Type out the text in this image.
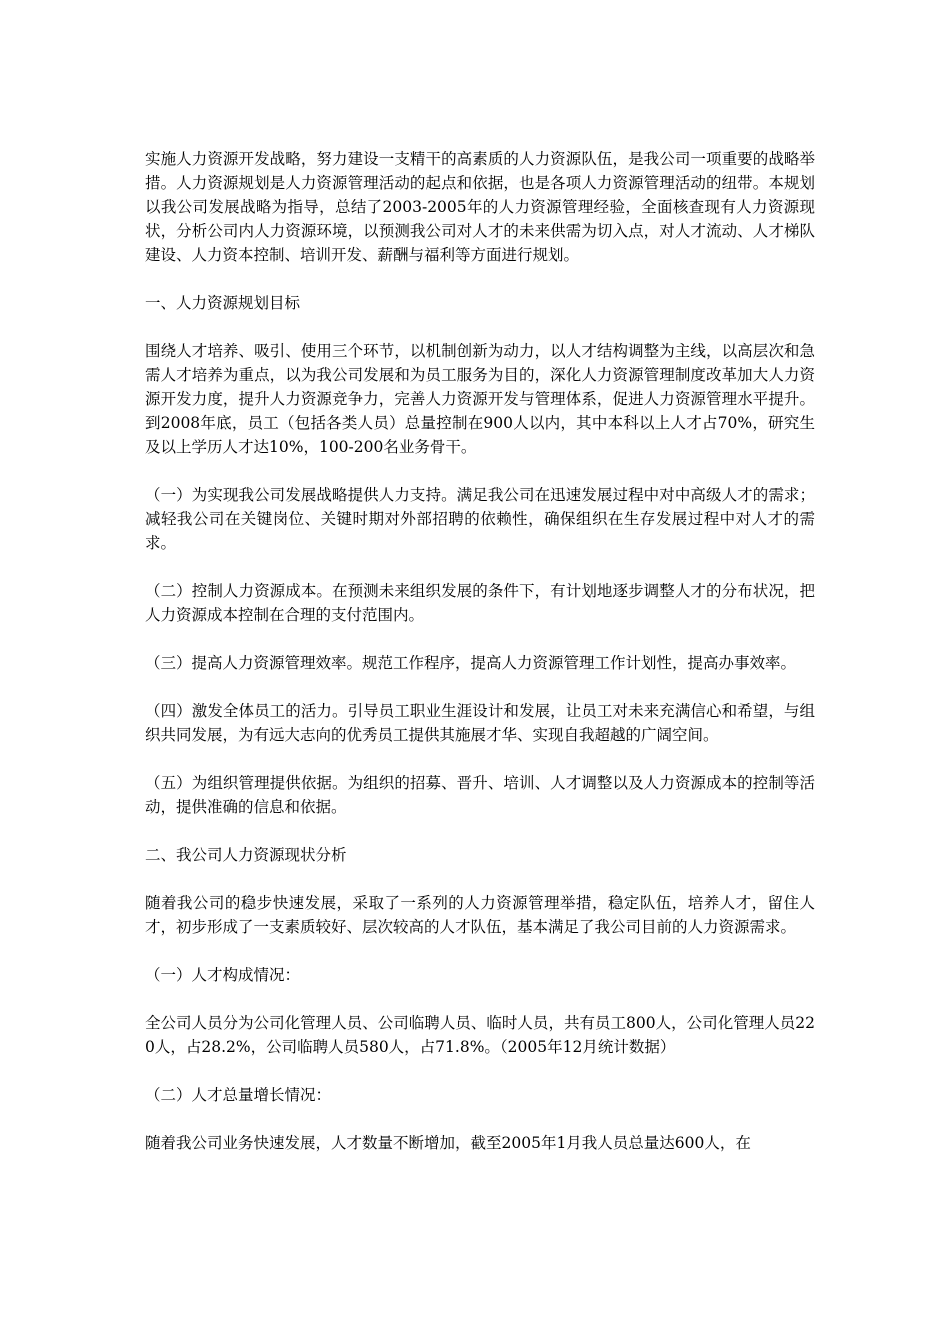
实施人力资源开发战略，努力建设一支精干的高素质的人力资源队伍，是我公司一项重要的战略举措。人力资源规划是人力资源管理活动的起点和依据，也是各项人力资源管理活动的纽带。本规划以我公司发展战略为指导，总结了2003-2005年的人力资源管理经验，全面核查现有人力资源现状，分析公司内人力资源环境，以预测我公司对人才的未来供需为切入点，对人才流动、人才梯队建设、人力资本控制、培训开发、薪酬与福利等方面进行规划。

一、人力资源规划目标

围绕人才培养、吸引、使用三个环节，以机制创新为动力，以人才结构调整为主线，以高层次和急需人才培养为重点，以为我公司发展和为员工服务为目的，深化人力资源管理制度改革加大人力资源开发力度，提升人力资源竞争力，完善人力资源开发与管理体系，促进人力资源管理水平提升。到2008年底，员工（包括各类人员）总量控制在900人以内，其中本科以上人才占70%，研究生及以上学历人才达10%，100-200名业务骨干。

（一）为实现我公司发展战略提供人力支持。满足我公司在迅速发展过程中对中高级人才的需求；减轻我公司在关键岗位、关键时期对外部招聘的依赖性，确保组织在生存发展过程中对人才的需求。

（二）控制人力资源成本。在预测未来组织发展的条件下，有计划地逐步调整人才的分布状况，把人力资源成本控制在合理的支付范围内。

（三）提高人力资源管理效率。规范工作程序，提高人力资源管理工作计划性，提高办事效率。

（四）激发全体员工的活力。引导员工职业生涯设计和发展，让员工对未来充满信心和希望，与组织共同发展，为有远大志向的优秀员工提供其施展才华、实现自我超越的广阔空间。

（五）为组织管理提供依据。为组织的招募、晋升、培训、人才调整以及人力资源成本的控制等活动，提供准确的信息和依据。

二、我公司人力资源现状分析

随着我公司的稳步快速发展，采取了一系列的人力资源管理举措，稳定队伍，培养人才，留住人才，初步形成了一支素质较好、层次较高的人才队伍，基本满足了我公司目前的人力资源需求。

（一）人才构成情况：

全公司人员分为公司化管理人员、公司临聘人员、临时人员，共有员工800人，公司化管理人员220人，占28.2%，公司临聘人员580人，占71.8%。（2005年12月统计数据）

（二）人才总量增长情况：

随着我公司业务快速发展，人才数量不断增加，截至2005年1月我人员总量达600人，在
